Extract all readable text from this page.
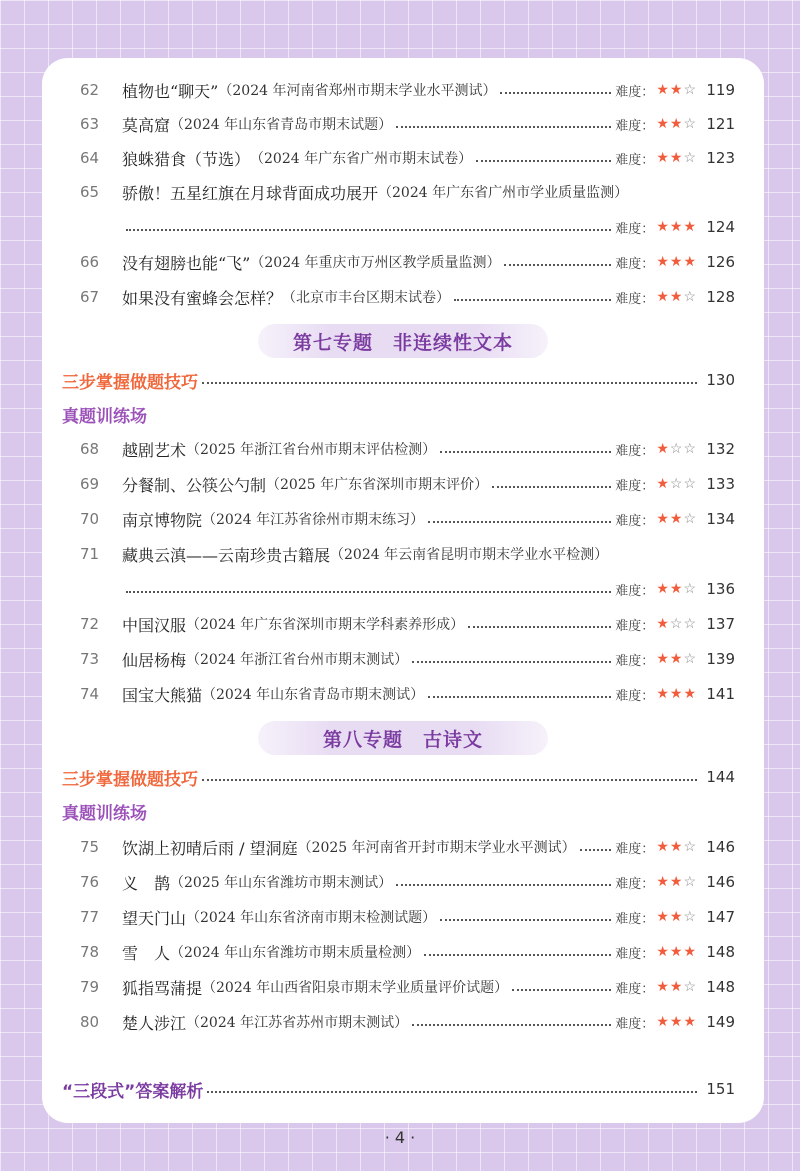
62	植物也“聊天” （2024 年河南省郑州市期末学业水平测试）	难度： ★★☆ 119
63	莫高窟 （2024 年山东省青岛市期末试题）	难度： ★★☆ 121
64	狼蛛猎食（节选） （2024 年广东省广州市期末试卷）	难度： ★★☆ 123
65	骄傲！五星红旗在月球背面成功展开 （2024 年广东省广州市学业质量监测）
难度： ★★★ 124
66	没有翅膀也能“飞” （2024 年重庆市万州区教学质量监测）	难度： ★★★ 126
67	如果没有蜜蜂会怎样？ （北京市丰台区期末试卷）	难度： ★★☆ 128
第七专题 非连续性文本
三步掌握做题技巧	130
真题训练场
68	越剧艺术 （2025 年浙江省台州市期末评估检测）	难度： ★☆☆ 132
69	分餐制、公筷公勺制 （2025 年广东省深圳市期末评价）	难度： ★☆☆ 133
70	南京博物院 （2024 年江苏省徐州市期末练习）	难度： ★★☆ 134
71	藏典云滇——云南珍贵古籍展 （2024 年云南省昆明市期末学业水平检测）
难度： ★★☆ 136
72	中国汉服 （2024 年广东省深圳市期末学科素养形成）	难度： ★☆☆ 137
73	仙居杨梅 （2024 年浙江省台州市期末测试）	难度： ★★☆ 139
74	国宝大熊猫 （2024 年山东省青岛市期末测试）	难度： ★★★ 141
第八专题 古诗文
三步掌握做题技巧	144
真题训练场
75	饮湖上初晴后雨 / 望洞庭 （2025 年河南省开封市期末学业水平测试）	难度： ★★☆ 146
76	义　鹊 （2025 年山东省潍坊市期末测试）	难度： ★★☆ 146
77	望天门山 （2024 年山东省济南市期末检测试题）	难度： ★★☆ 147
78	雪　人 （2024 年山东省潍坊市期末质量检测）	难度： ★★★ 148
79	狐指骂蒲提 （2024 年山西省阳泉市期末学业质量评价试题）	难度： ★★☆ 148
80	楚人涉江 （2024 年江苏省苏州市期末测试）	难度： ★★★ 149
“三段式”答案解析	151
· 4 ·
